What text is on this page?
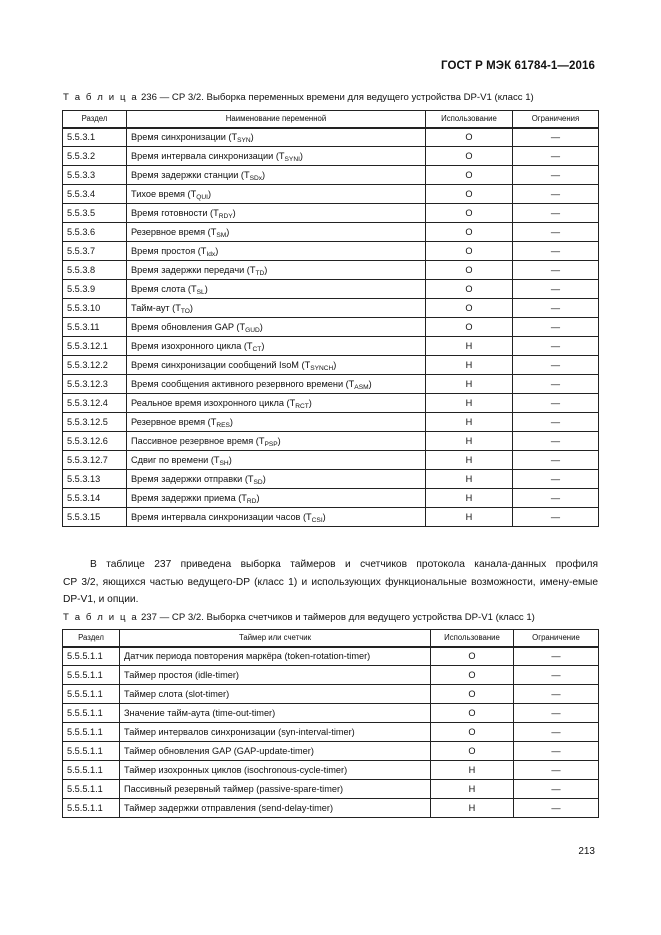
ГОСТ Р МЭК 61784-1—2016
Т а б л и ц а 236 — СР 3/2. Выборка переменных времени для ведущего устройства DP-V1 (класс 1)
Раздел	Наименование переменной	Использование	Ограничения
5.5.3.1	Время синхронизации $(T_{SYN})$	O	—
5.5.3.2	Время интервала синхронизации $(T_{SYNI})$	O	—
5.5.3.3	Время задержки станции $(T_{SDx})$	O	—
5.5.3.4	Тихое время $(T_{QUI})$	O	—
5.5.3.5	Время готовности $(T_{RDY})$	O	—
5.5.3.6	Резервное время $(T_{SM})$	O	—
5.5.3.7	Время простоя $(T_{Idx})$	O	—
5.5.3.8	Время задержки передачи $(T_{TD})$	O	—
5.5.3.9	Время слота $(T_{SL})$	O	—
5.5.3.10	Тайм-аут $(T_{TO})$	O	—
5.5.3.11	Время обновления GAP $(T_{GUD})$	O	—
5.5.3.12.1	Время изохронного цикла $(T_{CT})$	Н	—
5.5.3.12.2	Время синхронизации сообщений IsoM $(T_{SYNCH})$	Н	—
5.5.3.12.3	Время сообщения активного резервного времени $(T_{ASM})$	Н	—
5.5.3.12.4	Реальное время изохронного цикла $(T_{RCT})$	Н	—
5.5.3.12.5	Резервное время $(T_{RES})$	Н	—
5.5.3.12.6	Пассивное резервное время $(T_{PSP})$	Н	—
5.5.3.12.7	Сдвиг по времени $(T_{SH})$	Н	—
5.5.3.13	Время задержки отправки $(T_{SD})$	Н	—
5.5.3.14	Время задержки приема $(T_{RD})$	Н	—
5.5.3.15	Время интервала синхронизации часов $(T_{CSI})$	Н	—
В таблице 237 приведена выборка таймеров и счетчиков протокола канала-данных профиля
СР 3/2, яющихся частью ведущего-DP (класс 1) и использующих функциональные возможности, имену-емые DP-V1, и опции.
Т а б л и ц а 237 — СР 3/2. Выборка счетчиков и таймеров для ведущего устройства DP-V1 (класс 1)
Раздел	Таймер или счетчик	Использование	Ограничение
5.5.5.1.1	Датчик периода повторения маркёра (token-rotation-timer)	O	—
5.5.5.1.1	Таймер простоя (idle-timer)	O	—
5.5.5.1.1	Таймер слота (slot-timer)	O	—
5.5.5.1.1	Значение тайм-аута (time-out-timer)	O	—
5.5.5.1.1	Таймер интервалов синхронизации (syn-interval-timer)	O	—
5.5.5.1.1	Таймер обновления GAP (GAP-update-timer)	O	—
5.5.5.1.1	Таймер изохронных циклов (isochronous-cycle-timer)	Н	—
5.5.5.1.1	Пассивный резервный таймер (passive-spare-timer)	Н	—
5.5.5.1.1	Таймер задержки отправления (send-delay-timer)	Н	—
213
